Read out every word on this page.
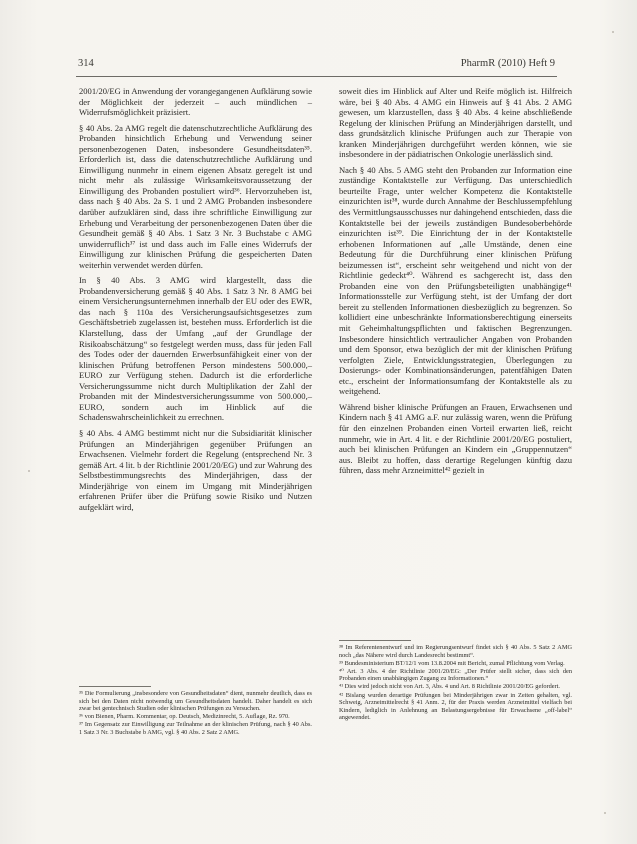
314	PharmR (2010) Heft 9

2001/20/EG in Anwendung der vorangegangenen Aufklärung sowie der Möglichkeit der jederzeit – auch mündlichen – Widerrufsmöglichkeit präzisiert.

§ 40 Abs. 2a AMG regelt die datenschutzrechtliche Aufklärung des Probanden hinsichtlich Erhebung und Verwendung seiner personenbezogenen Daten, insbesondere Gesundheitsdaten³⁵. Erforderlich ist, dass die datenschutzrechtliche Aufklärung und Einwilligung nunmehr in einem eigenen Absatz geregelt ist und nicht mehr als zulässige Wirksamkeitsvoraussetzung der Einwilligung des Probanden postuliert wird³⁶. Hervorzuheben ist, dass nach § 40 Abs. 2a S. 1 und 2 AMG Probanden insbesondere darüber aufzuklären sind, dass ihre schriftliche Einwilligung zur Erhebung und Verarbeitung der personenbezogenen Daten über die Gesundheit gemäß § 40 Abs. 1 Satz 3 Nr. 3 Buchstabe c AMG unwiderruflich³⁷ ist und dass auch im Falle eines Widerrufs der Einwilligung zur klinischen Prüfung die gespeicherten Daten weiterhin verwendet werden dürfen.

In § 40 Abs. 3 AMG wird klargestellt, dass die Probandenversicherung gemäß § 40 Abs. 1 Satz 3 Nr. 8 AMG bei einem Versicherungsunternehmen innerhalb der EU oder des EWR, das nach § 110a des Versicherungsaufsichtsgesetzes zum Geschäftsbetrieb zugelassen ist, bestehen muss. Erforderlich ist die Klarstellung, dass der Umfang „auf der Grundlage der Risikoabschätzung“ so festgelegt werden muss, dass für jeden Fall des Todes oder der dauernden Erwerbsunfähigkeit einer von der klinischen Prüfung betroffenen Person mindestens 500.000,– EURO zur Verfügung stehen. Dadurch ist die erforderliche Versicherungssumme nicht durch Multiplikation der Zahl der Probanden mit der Mindestversicherungssumme von 500.000,– EURO, sondern auch im Hinblick auf die Schadenswahrscheinlichkeit zu errechnen.

§ 40 Abs. 4 AMG bestimmt nicht nur die Subsidiarität klinischer Prüfungen an Minderjährigen gegenüber Prüfungen an Erwachsenen. Vielmehr fordert die Regelung (entsprechend Nr. 3 gemäß Art. 4 lit. b der Richtlinie 2001/20/EG) und zur Wahrung des Selbstbestimmungsrechts des Minderjährigen, dass der Minderjährige von einem im Umgang mit Minderjährigen erfahrenen Prüfer über die Prüfung sowie Risiko und Nutzen aufgeklärt wird,

soweit dies im Hinblick auf Alter und Reife möglich ist. Hilfreich wäre, bei § 40 Abs. 4 AMG ein Hinweis auf § 41 Abs. 2 AMG gewesen, um klarzustellen, dass § 40 Abs. 4 keine abschließende Regelung der klinischen Prüfung an Minderjährigen darstellt, und dass grundsätzlich klinische Prüfungen auch zur Therapie von kranken Minderjährigen durchgeführt werden können, wie sie insbesondere in der pädiatrischen Onkologie unerlässlich sind.

Nach § 40 Abs. 5 AMG steht den Probanden zur Information eine zuständige Kontaktstelle zur Verfügung. Das unterschiedlich beurteilte Frage, unter welcher Kompetenz die Kontaktstelle einzurichten ist³⁸, wurde durch Annahme der Beschlussempfehlung des Vermittlungsausschusses nur dahingehend entschieden, dass die Kontaktstelle bei der jeweils zuständigen Bundesoberbehörde einzurichten ist³⁹. Die Einrichtung der in der Kontaktstelle erhobenen Informationen auf „alle Umstände, denen eine Bedeutung für die Durchführung einer klinischen Prüfung beizumessen ist“, erscheint sehr weitgehend und nicht von der Richtlinie gedeckt⁴⁰. Während es sachgerecht ist, dass den Probanden eine von den Prüfungsbeteiligten unabhängige⁴¹ Informationsstelle zur Verfügung steht, ist der Umfang der dort bereit zu stellenden Informationen diesbezüglich zu begrenzen. So kollidiert eine unbeschränkte Informationsberechtigung einerseits mit Geheimhaltungspflichten und faktischen Begrenzungen. Insbesondere hinsichtlich vertraulicher Angaben von Probanden und dem Sponsor, etwa bezüglich der mit der klinischen Prüfung verfolgten Ziele, Entwicklungsstrategien, Überlegungen zu Dosierungs- oder Kombinationsänderungen, patentfähigen Daten etc., erscheint der Informationsumfang der Kontaktstelle als zu weitgehend.

Während bisher klinische Prüfungen an Frauen, Erwachsenen und Kindern nach § 41 AMG a.F. nur zulässig waren, wenn die Prüfung für den einzelnen Probanden einen Vorteil erwarten ließ, reicht nunmehr, wie in Art. 4 lit. e der Richtlinie 2001/20/EG postuliert, auch bei klinischen Prüfungen an Kindern ein „Gruppennutzen“ aus. Bleibt zu hoffen, dass derartige Regelungen künftig dazu führen, dass mehr Arzneimittel⁴² gezielt in

³⁵ Die Formulierung „insbesondere von Gesundheitsdaten“ dient, nunmehr deutlich, dass es sich bei den Daten nicht notwendig um Gesundheitsdaten handelt. Daher handelt es sich zwar bei gentechnisch Studien oder klinischen Prüfungen zu Versuchen.

³⁶ von Bienen, Pharm. Kommentar, op. Deutsch, Medizinrecht, 5. Auflage, Rz. 970.

³⁷ Im Gegensatz zur Einwilligung zur Teilnahme an der klinischen Prüfung, nach § 40 Abs. 1 Satz 3 Nr. 3 Buchstabe b AMG, vgl. § 40 Abs. 2 Satz 2 AMG.

³⁸ Im Referentenentwurf und im Regierungsentwurf findet sich § 40 Abs. 5 Satz 2 AMG noch „das Nähere wird durch Landesrecht bestimmt“.

³⁹ Bundesministerium BT/12/1 vom 13.8.2004 mit Bericht, zumal Pflichtung vom Verlag.

⁴⁰ Art. 3 Abs. 4 der Richtlinie 2001/20/EG: „Der Prüfer stellt sicher, dass sich den Probanden einen unabhängigen Zugang zu Informationen.“

⁴¹ Dies wird jedoch nicht von Art. 3, Abs. 4 und Art. 8 Richtlinie 2001/20/EG gefordert.

⁴² Bislang wurden derartige Prüfungen bei Minderjährigen zwar in Zeiten gehalten, vgl. Schweig, Arzneimittelrecht § 41 Anm. 2, für der Praxis werden Arzneimittel vielfach bei Kindern, lediglich in Anlehnung an Belastungsergebnisse für Erwachsene „off-label“ angewendet.
